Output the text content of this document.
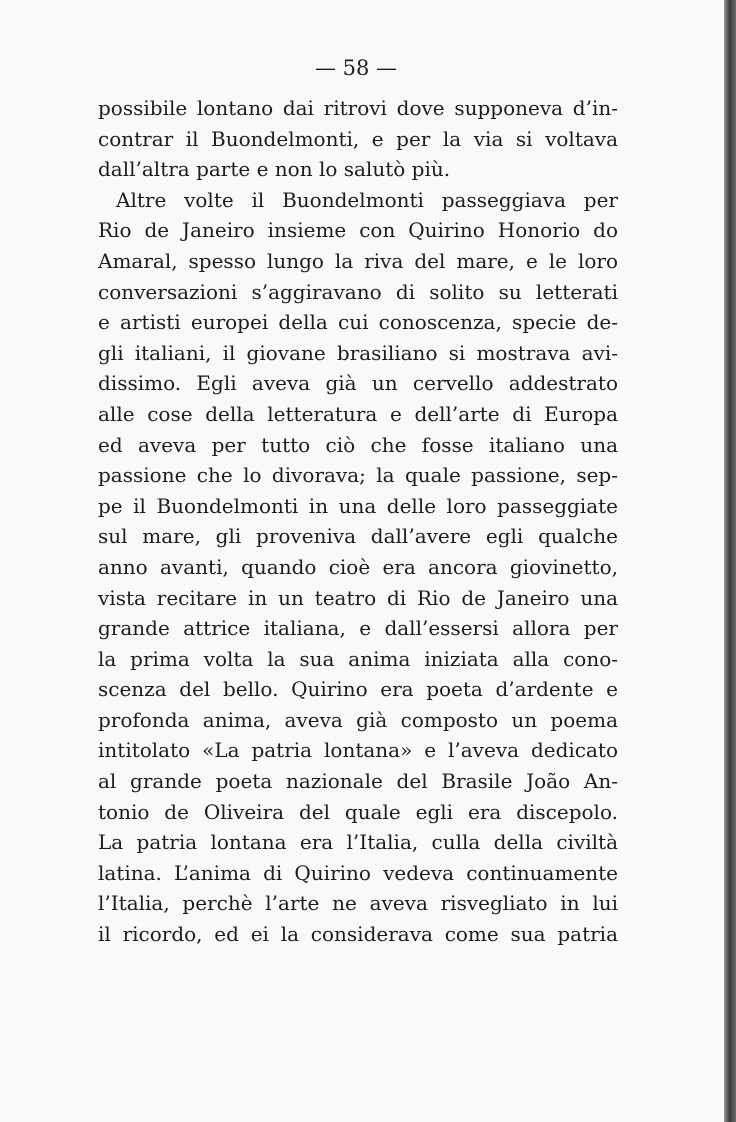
— 58 —
possibile lontano dai ritrovi dove supponeva d’in-
contrar il Buondelmonti, e per la via si voltava
dall’altra parte e non lo salutò più.
Altre volte il Buondelmonti passeggiava per
Rio de Janeiro insieme con Quirino Honorio do
Amaral, spesso lungo la riva del mare, e le loro
conversazioni s’aggiravano di solito su letterati
e artisti europei della cui conoscenza, specie de-
gli italiani, il giovane brasiliano si mostrava avi-
dissimo. Egli aveva già un cervello addestrato
alle cose della letteratura e dell’arte di Europa
ed aveva per tutto ciò che fosse italiano una
passione che lo divorava; la quale passione, sep-
pe il Buondelmonti in una delle loro passeggiate
sul mare, gli proveniva dall’avere egli qualche
anno avanti, quando cioè era ancora giovinetto,
vista recitare in un teatro di Rio de Janeiro una
grande attrice italiana, e dall’essersi allora per
la prima volta la sua anima iniziata alla cono-
scenza del bello. Quirino era poeta d’ardente e
profonda anima, aveva già composto un poema
intitolato «La patria lontana» e l’aveva dedicato
al grande poeta nazionale del Brasile João An-
tonio de Oliveira del quale egli era discepolo.
La patria lontana era l’Italia, culla della civiltà
latina. L’anima di Quirino vedeva continuamente
l’Italia, perchè l’arte ne aveva risvegliato in lui
il ricordo, ed ei la considerava come sua patria
